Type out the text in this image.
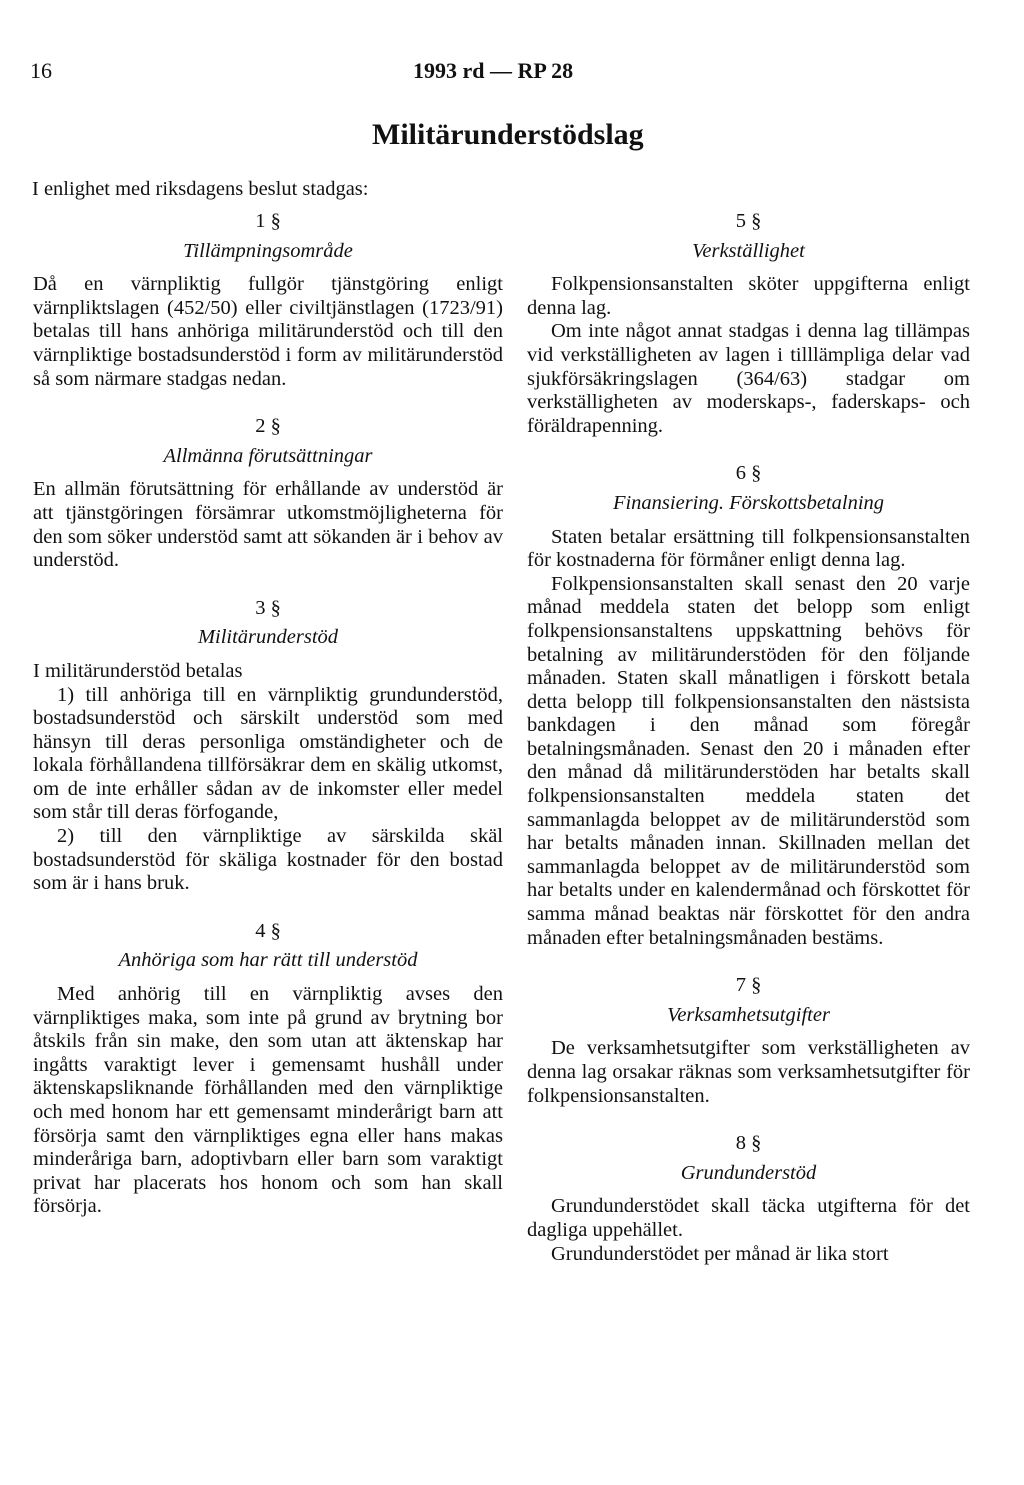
16	1993 rd — RP 28
Militärunderstödslag
I enlighet med riksdagens beslut stadgas:
1 §
Tillämpningsområde

Då en värnpliktig fullgör tjänstgöring enligt värnpliktslagen (452/50) eller civiltjänstlagen (1723/91) betalas till hans anhöriga militärunderstöd och till den värnpliktige bostadsunderstöd i form av militärunderstöd så som närmare stadgas nedan.

2 §
Allmänna förutsättningar

En allmän förutsättning för erhållande av understöd är att tjänstgöringen försämrar utkomstmöjligheterna för den som söker understöd samt att sökanden är i behov av understöd.

3 §
Militärunderstöd

I militärunderstöd betalas

1) till anhöriga till en värnpliktig grundunderstöd, bostadsunderstöd och särskilt understöd som med hänsyn till deras personliga omständigheter och de lokala förhållandena tillförsäkrar dem en skälig utkomst, om de inte erhåller sådan av de inkomster eller medel som står till deras förfogande,

2) till den värnpliktige av särskilda skäl bostadsunderstöd för skäliga kostnader för den bostad som är i hans bruk.

4 §
Anhöriga som har rätt till understöd

Med anhörig till en värnpliktig avses den värnpliktiges maka, som inte på grund av brytning bor åtskils från sin make, den som utan att äktenskap har ingåtts varaktigt lever i gemensamt hushåll under äktenskapsliknande förhållanden med den värnpliktige och med honom har ett gemensamt minderårigt barn att försörja samt den värnpliktiges egna eller hans makas minderåriga barn, adoptivbarn eller barn som varaktigt privat har placerats hos honom och som han skall försörja.

5 §
Verkställighet

Folkpensionsanstalten sköter uppgifterna enligt denna lag.

Om inte något annat stadgas i denna lag tillämpas vid verkställigheten av lagen i tilllämpliga delar vad sjukförsäkringslagen (364/63) stadgar om verkställigheten av moderskaps-, faderskaps- och föräldrapenning.

6 §
Finansiering. Förskottsbetalning

Staten betalar ersättning till folkpensionsanstalten för kostnaderna för förmåner enligt denna lag.

Folkpensionsanstalten skall senast den 20 varje månad meddela staten det belopp som enligt folkpensionsanstaltens uppskattning behövs för betalning av militärunderstöden för den följande månaden. Staten skall månatligen i förskott betala detta belopp till folkpensionsanstalten den nästsista bankdagen i den månad som föregår betalningsmånaden. Senast den 20 i månaden efter den månad då militärunderstöden har betalts skall folkpensionsanstalten meddela staten det sammanlagda beloppet av de militärunderstöd som har betalts månaden innan. Skillnaden mellan det sammanlagda beloppet av de militärunderstöd som har betalts under en kalendermånad och förskottet för samma månad beaktas när förskottet för den andra månaden efter betalningsmånaden bestäms.

7 §
Verksamhetsutgifter

De verksamhetsutgifter som verkställigheten av denna lag orsakar räknas som verksamhetsutgifter för folkpensionsanstalten.

8 §
Grundunderstöd

Grundunderstödet skall täcka utgifterna för det dagliga uppehället.

Grundunderstödet per månad är lika stort
